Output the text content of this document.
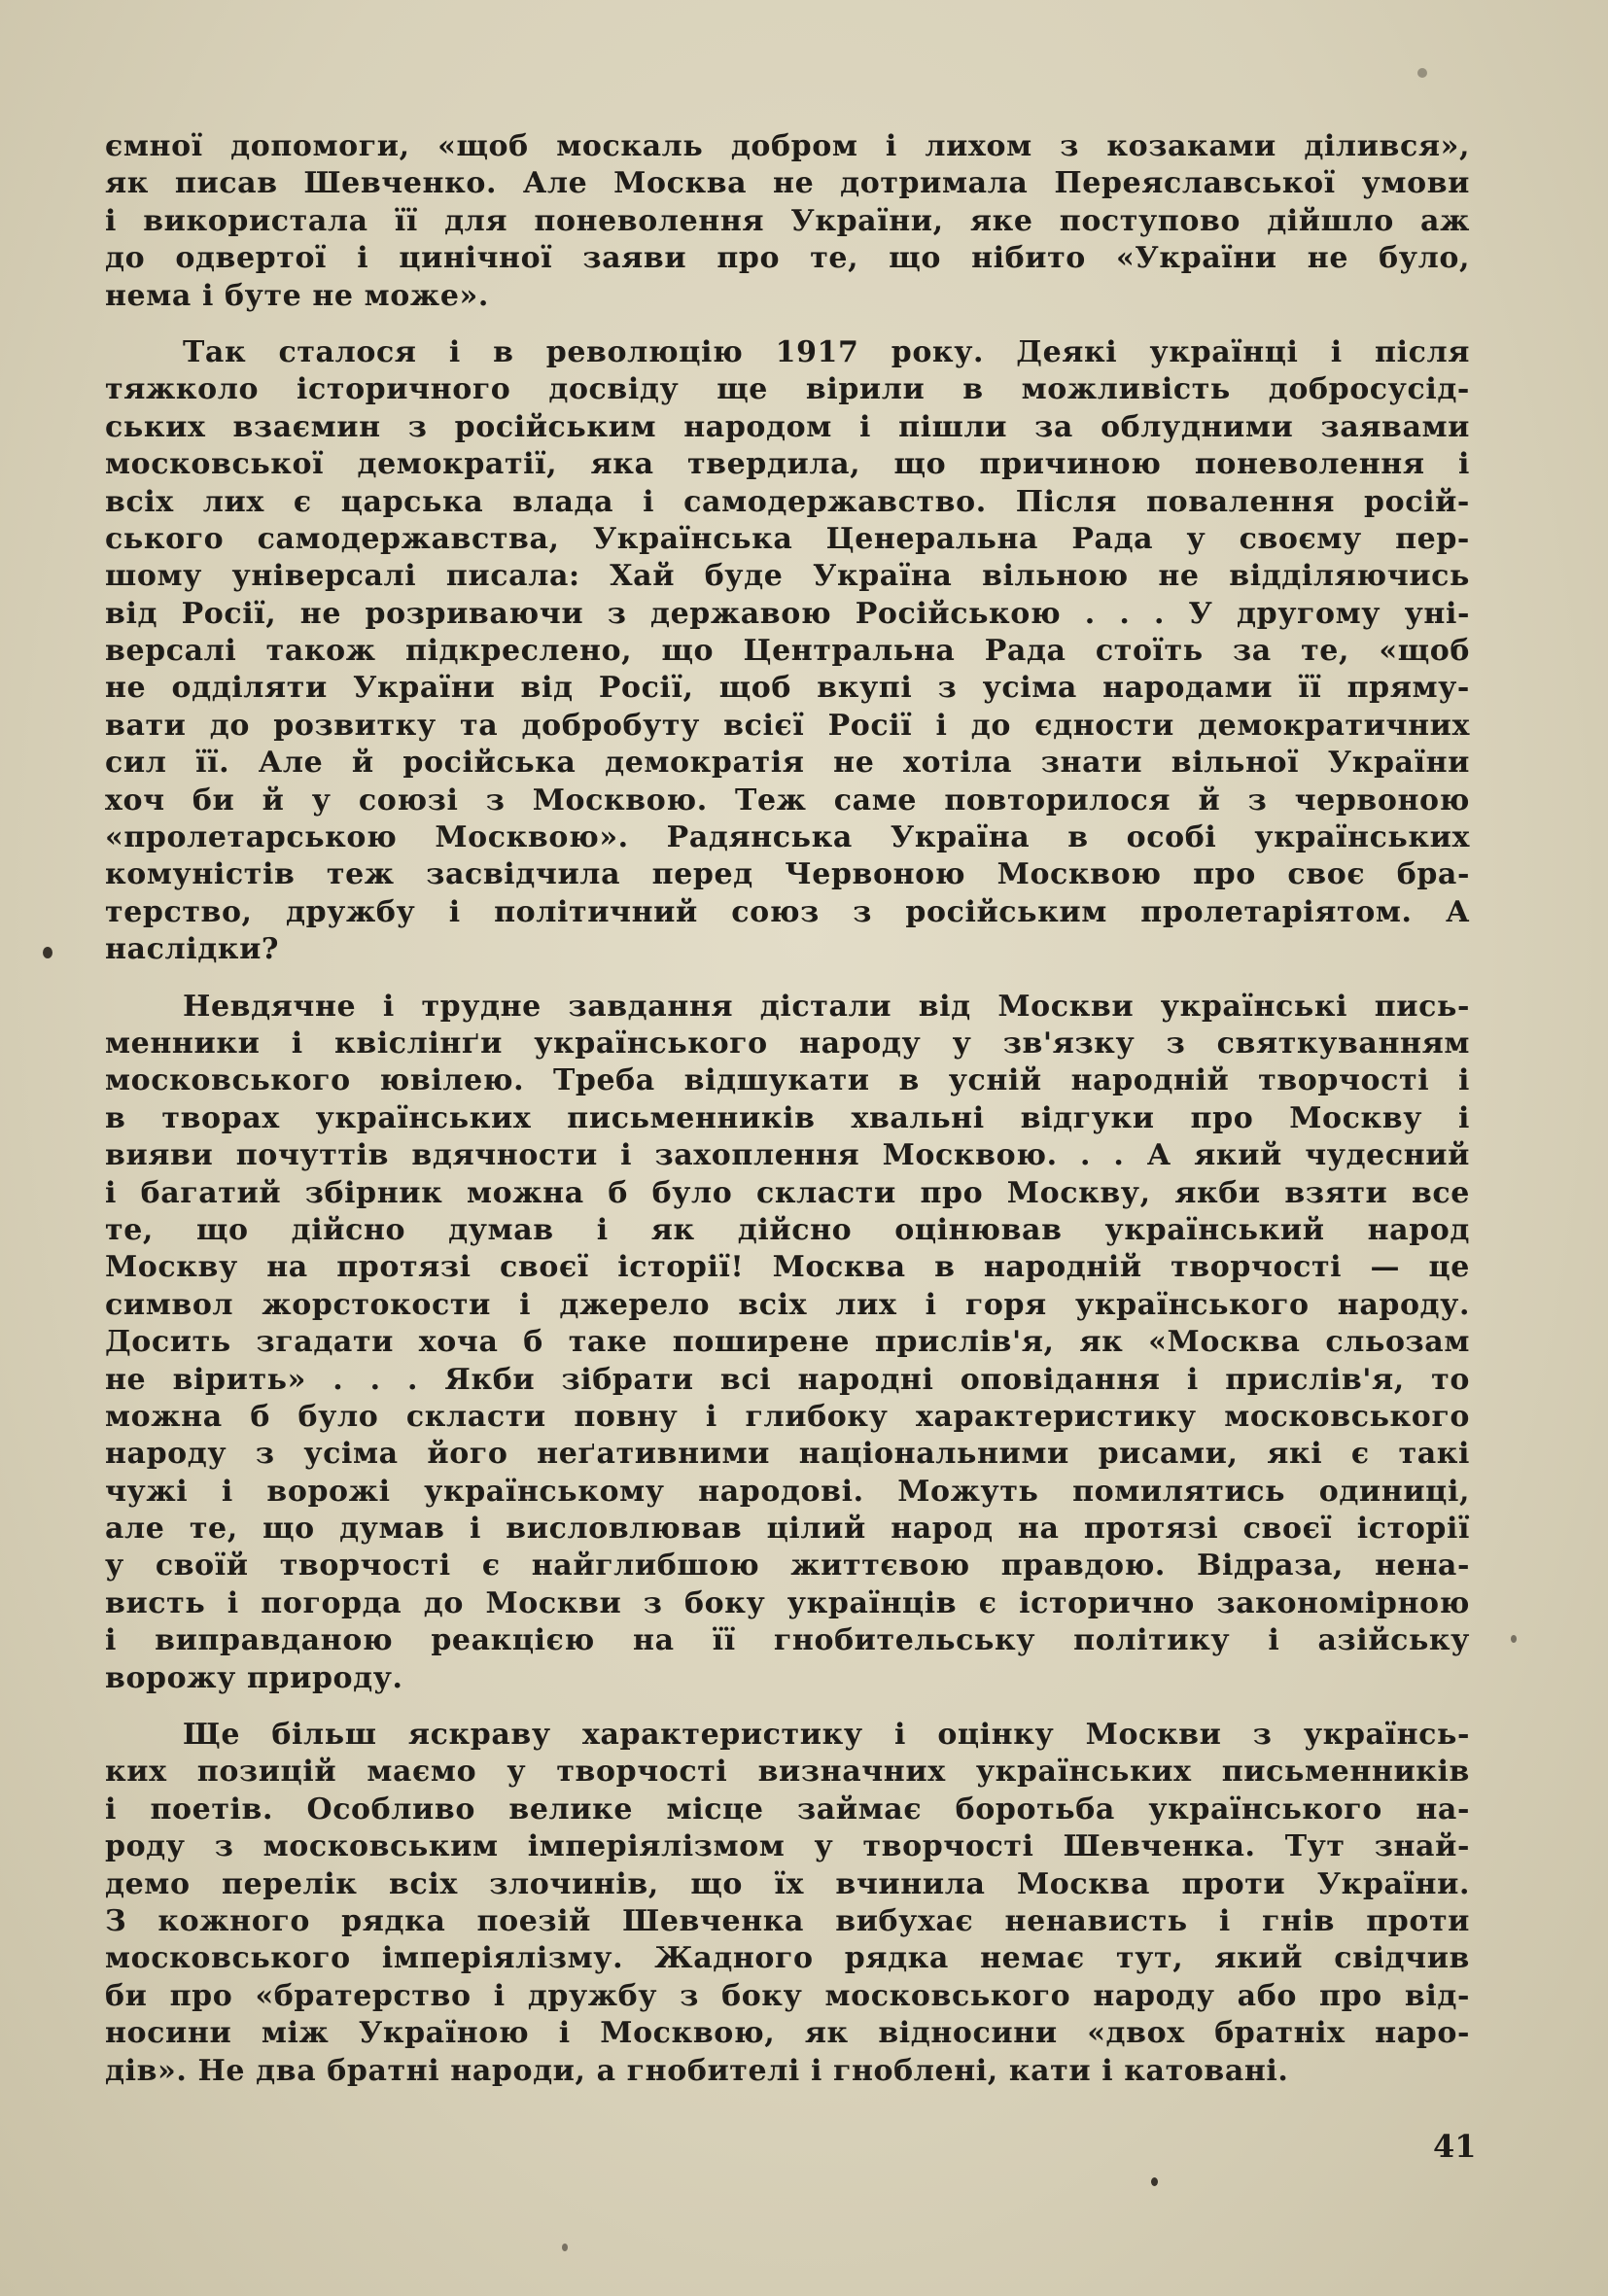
ємної допомоги, «щоб москаль добром і лихом з козаками ділився»,
як писав Шевченко. Але Москва не дотримала Переяславської умови
і використала її для поневолення України, яке поступово дійшло аж
до одвертої і цинічної заяви про те, що нібито «України не було,
нема і буте не може».
Так сталося і в революцію 1917 року. Деякі українці і після
тяжколо історичного досвіду ще вірили в можливість добросусід-
ських взаємин з російським народом і пішли за облудними заявами
московської демократії, яка твердила, що причиною поневолення і
всіх лих є царська влада і самодержавство. Після повалення росій-
ського самодержавства, Українська Ценеральна Рада у своєму пер-
шому універсалі писала: Хай буде Україна вільною не відділяючись
від Росії, не розриваючи з державою Російською . . . У другому уні-
версалі також підкреслено, що Центральна Рада стоїть за те, «щоб
не одділяти України від Росії, щоб вкупі з усіма народами її пряму-
вати до розвитку та добробуту всієї Росії і до єдности демократичних
сил її. Але й російська демократія не хотіла знати вільної України
хоч би й у союзі з Москвою. Теж саме повторилося й з червоною
«пролетарською Москвою». Радянська Україна в особі українських
комуністів теж засвідчила перед Червоною Москвою про своє бра-
терство, дружбу і політичний союз з російським пролетаріятом. А
наслідки?
Невдячне і трудне завдання дістали від Москви українські пись-
менники і квіслінґи українського народу у зв'язку з святкуванням
московського ювілею. Треба відшукати в усній народній творчості і
в творах українських письменників хвальні відгуки про Москву і
вияви почуттів вдячности і захоплення Москвою. . . А який чудесний
і багатий збірник можна б було скласти про Москву, якби взяти все
те, що дійсно думав і як дійсно оцінював український народ
Москву на протязі своєї історії! Москва в народній творчості — це
символ жорстокости і джерело всіх лих і горя українського народу.
Досить згадати хоча б таке поширене прислів'я, як «Москва сльозам
не вірить» . . . Якби зібрати всі народні оповідання і прислів'я, то
можна б було скласти повну і глибоку характеристику московського
народу з усіма його неґативними національними рисами, які є такі
чужі і ворожі українському народові. Можуть помилятись одиниці,
але те, що думав і висловлював цілий народ на протязі своєї історії
у своїй творчості є найглибшою життєвою правдою. Відраза, нена-
висть і погорда до Москви з боку українців є історично закономірною
і виправданою реакцією на її гнобительську політику і азійську
ворожу природу.
Ще більш яскраву характеристику і оцінку Москви з українсь-
ких позицій маємо у творчості визначних українських письменників
і поетів. Особливо велике місце займає боротьба українського на-
роду з московським імперіялізмом у творчості Шевченка. Тут знай-
демо перелік всіх злочинів, що їх вчинила Москва проти України.
З кожного рядка поезій Шевченка вибухає ненависть і гнів проти
московського імперіялізму. Жадного рядка немає тут, який свідчив
би про «братерство і дружбу з боку московського народу або про від-
носини між Україною і Москвою, як відносини «двох братніх наро-
дів». Не два братні народи, а гнобителі і гноблені, кати і катовані.
41
